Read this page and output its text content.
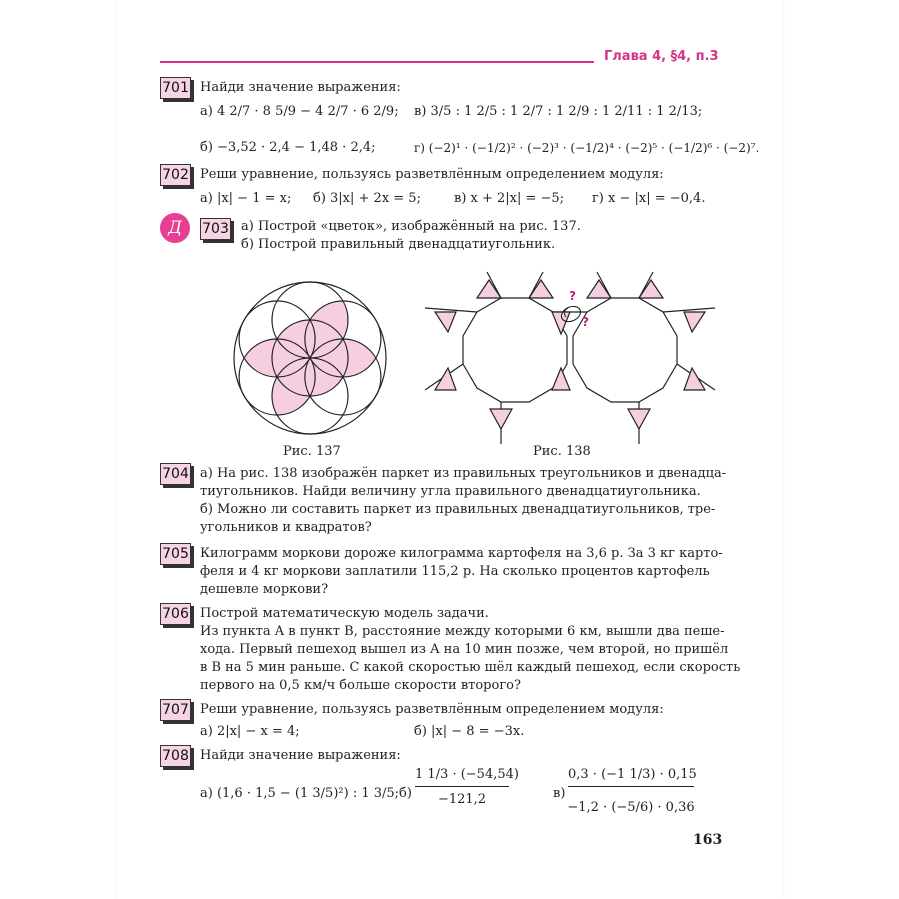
Глава 4, §4, п.3
701 Найди значение выражения:
а) 4 2/7 · 8 5/9 − 4 2/7 · 6 2/9; в) 3/5 : 1 2/5 : 1 2/7 : 1 2/9 : 1 2/11 : 1 2/13;
б) −3,52 · 2,4 − 1,48 · 2,4;	г) (−2)¹ · (−1/2)² · (−2)³ · (−1/2)⁴ · (−2)⁵ · (−1/2)⁶ · (−2)⁷.
702 Реши уравнение, пользуясь разветвлённым определением модуля:
а) |x| − 1 = x; б) 3|x| + 2x = 5;	в) x + 2|x| = −5; г) x − |x| = −0,4.
Д	703 а) Построй «цветок», изображённый на рис. 137.
б) Построй правильный двенадцатиугольник.
Рис. 137
?
?
Рис. 138
704 а) На рис. 138 изображён паркет из правильных треугольников и двенадца-
тиугольников. Найди величину угла правильного двенадцатиугольника.
б) Можно ли составить паркет из правильных двенадцатиугольников, тре-
угольников и квадратов?
705 Килограмм моркови дороже килограмма картофеля на 3,6 р. За 3 кг карто-
феля и 4 кг моркови заплатили 115,2 р. На сколько процентов картофель
дешевле моркови?
706 Построй математическую модель задачи.
Из пункта A в пункт B, расстояние между которыми 6 км, вышли два пеше-
хода. Первый пешеход вышел из A на 10 мин позже, чем второй, но пришёл
в B на 5 мин раньше. С какой скоростью шёл каждый пешеход, если скорость
первого на 0,5 км/ч больше скорости второго?
707 Реши уравнение, пользуясь разветвлённым определением модуля:
а) 2|x| − x = 4;	б) |x| − 8 = −3x.
708 Найди значение выражения:
а) (1,6 · 1,5 − (1 3/5)²) : 1 3/5; б)
1 1/3 · (−54,54)
−121,2	в)
0,3 · (−1 1/3) · 0,15
−1,2 · (−5/6) · 0,36
163
